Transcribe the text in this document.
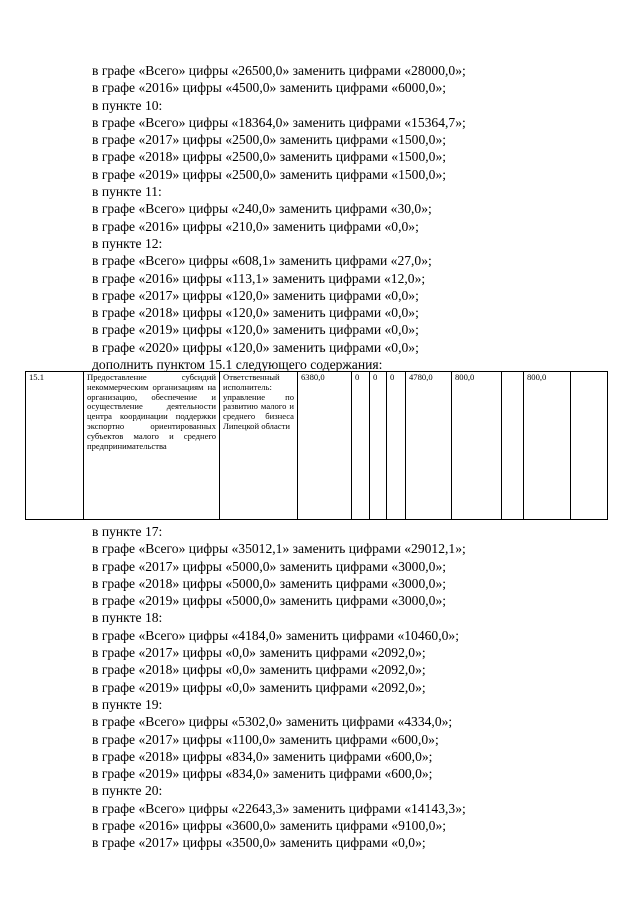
в графе «Всего» цифры «26500,0» заменить цифрами «28000,0»;
в графе «2016» цифры «4500,0» заменить цифрами «6000,0»;
в пункте 10:
в графе «Всего» цифры «18364,0» заменить цифрами «15364,7»;
в графе «2017» цифры «2500,0» заменить цифрами «1500,0»;
в графе «2018» цифры «2500,0» заменить цифрами «1500,0»;
в графе «2019» цифры «2500,0» заменить цифрами «1500,0»;
в пункте 11:
в графе «Всего» цифры «240,0» заменить цифрами «30,0»;
в графе «2016» цифры «210,0» заменить цифрами «0,0»;
в пункте 12:
в графе «Всего» цифры «608,1» заменить цифрами «27,0»;
в графе «2016» цифры «113,1» заменить цифрами «12,0»;
в графе «2017» цифры «120,0» заменить цифрами «0,0»;
в графе «2018» цифры «120,0» заменить цифрами «0,0»;
в графе «2019» цифры «120,0» заменить цифрами «0,0»;
в графе «2020» цифры «120,0» заменить цифрами «0,0»;
дополнить пунктом 15.1 следующего содержания:
15.1	Предоставление субсидий некоммерческим организациям на организацию, обеспечение и осуществление деятельности центра координации поддержки экспортно ориентированных субъектов малого и среднего предпринимательства	Ответственный исполнитель: управление по развитию малого и среднего бизнеса Липецкой области	6380,0	0	0	0	4780,0	800,0		800,0	
в пункте 17:
в графе «Всего» цифры «35012,1» заменить цифрами «29012,1»;
в графе «2017» цифры «5000,0» заменить цифрами «3000,0»;
в графе «2018» цифры «5000,0» заменить цифрами «3000,0»;
в графе «2019» цифры «5000,0» заменить цифрами «3000,0»;
в пункте 18:
в графе «Всего» цифры «4184,0» заменить цифрами «10460,0»;
в графе «2017» цифры «0,0» заменить цифрами «2092,0»;
в графе «2018» цифры «0,0» заменить цифрами «2092,0»;
в графе «2019» цифры «0,0» заменить цифрами «2092,0»;
в пункте 19:
в графе «Всего» цифры «5302,0» заменить цифрами «4334,0»;
в графе «2017» цифры «1100,0» заменить цифрами «600,0»;
в графе «2018» цифры «834,0» заменить цифрами «600,0»;
в графе «2019» цифры «834,0» заменить цифрами «600,0»;
в пункте 20:
в графе «Всего» цифры «22643,3» заменить цифрами «14143,3»;
в графе «2016» цифры «3600,0» заменить цифрами «9100,0»;
в графе «2017» цифры «3500,0» заменить цифрами «0,0»;
